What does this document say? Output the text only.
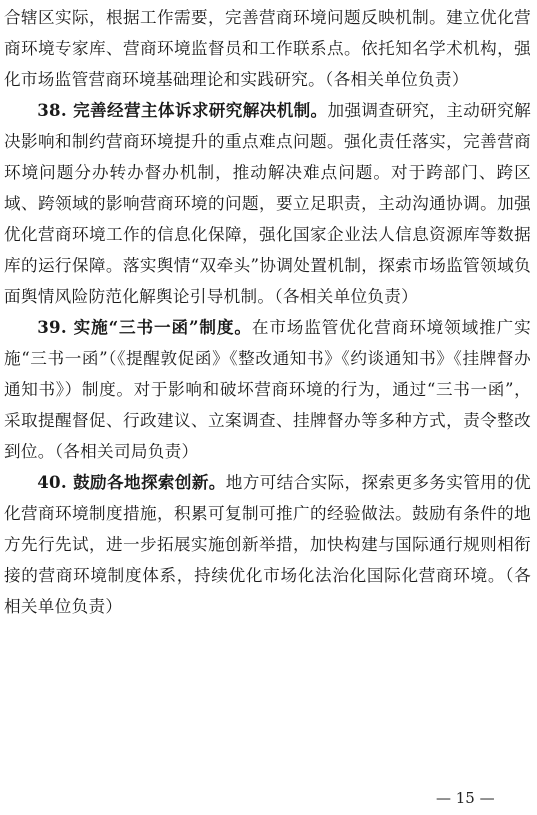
合辖区实际，根据工作需要，完善营商环境问题反映机制。建立优化营商环境专家库、营商环境监督员和工作联系点。依托知名学术机构，强化市场监管营商环境基础理论和实践研究。（各相关单位负责）

38. 完善经营主体诉求研究解决机制。加强调查研究，主动研究解决影响和制约营商环境提升的重点难点问题。强化责任落实，完善营商环境问题分办转办督办机制，推动解决难点问题。对于跨部门、跨区域、跨领域的影响营商环境的问题，要立足职责，主动沟通协调。加强优化营商环境工作的信息化保障，强化国家企业法人信息资源库等数据库的运行保障。落实舆情“双牵头”协调处置机制，探索市场监管领域负面舆情风险防范化解舆论引导机制。（各相关单位负责）

39. 实施“三书一函”制度。在市场监管优化营商环境领域推广实施“三书一函”（《提醒敦促函》《整改通知书》《约谈通知书》《挂牌督办通知书》）制度。对于影响和破坏营商环境的行为，通过“三书一函”，采取提醒督促、行政建议、立案调查、挂牌督办等多种方式，责令整改到位。（各相关司局负责）

40. 鼓励各地探索创新。地方可结合实际，探索更多务实管用的优化营商环境制度措施，积累可复制可推广的经验做法。鼓励有条件的地方先行先试，进一步拓展实施创新举措，加快构建与国际通行规则相衔接的营商环境制度体系，持续优化市场化法治化国际化营商环境。（各相关单位负责）

— 15 —
